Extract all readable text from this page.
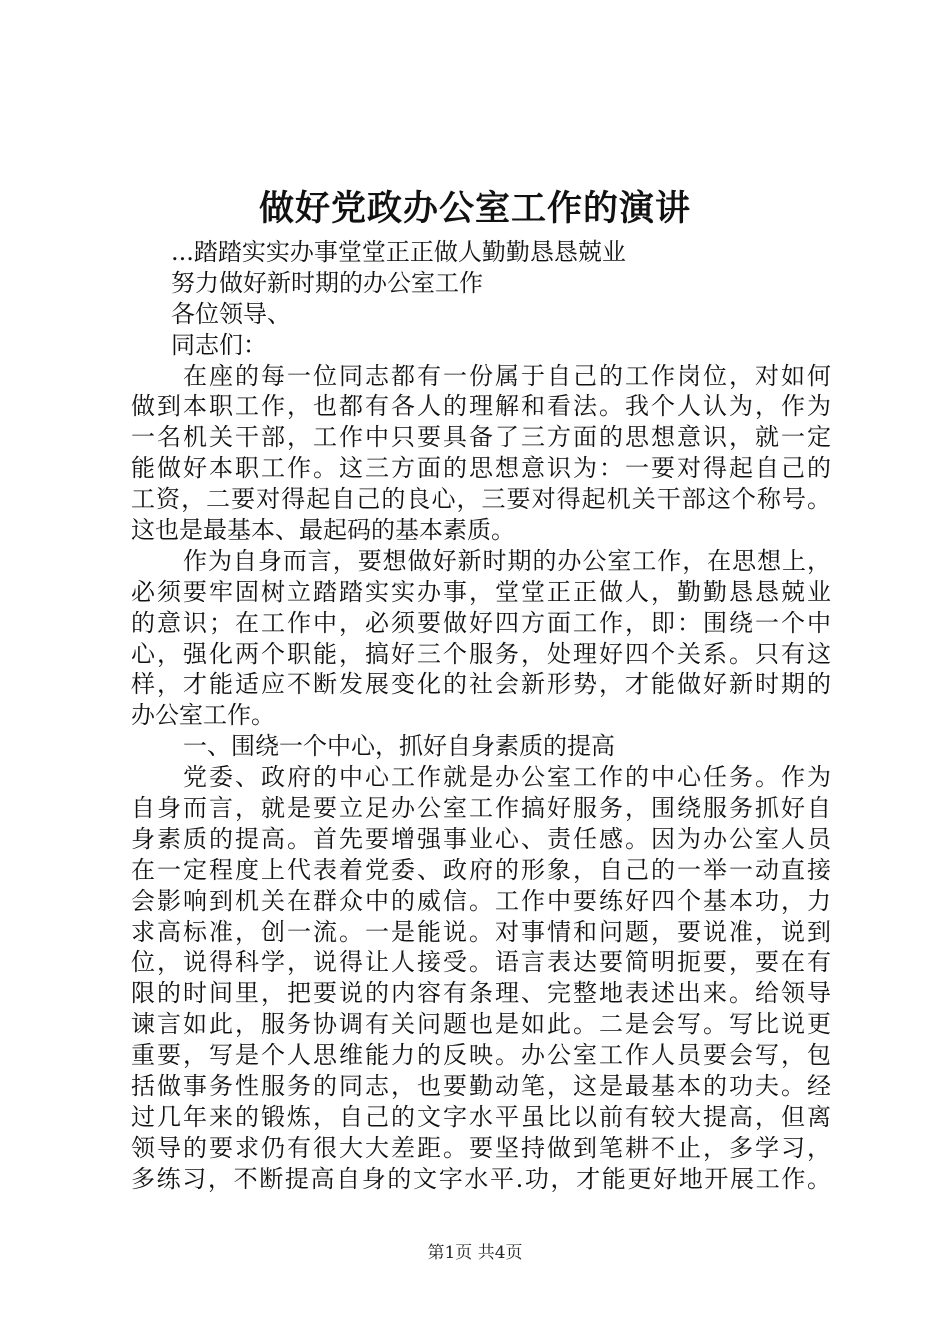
做好党政办公室工作的演讲
...踏踏实实办事堂堂正正做人勤勤恳恳兢业
努力做好新时期的办公室工作
各位领导、
同志们：
在座的每一位同志都有一份属于自己的工作岗位，对如何
做到本职工作，也都有各人的理解和看法。我个人认为，作为
一名机关干部，工作中只要具备了三方面的思想意识，就一定
能做好本职工作。这三方面的思想意识为：一要对得起自己的
工资，二要对得起自己的良心，三要对得起机关干部这个称号。
这也是最基本、最起码的基本素质。
作为自身而言，要想做好新时期的办公室工作，在思想上，
必须要牢固树立踏踏实实办事，堂堂正正做人，勤勤恳恳兢业
的意识；在工作中，必须要做好四方面工作，即：围绕一个中
心，强化两个职能，搞好三个服务，处理好四个关系。只有这
样，才能适应不断发展变化的社会新形势，才能做好新时期的
办公室工作。
一、围绕一个中心，抓好自身素质的提高
党委、政府的中心工作就是办公室工作的中心任务。作为
自身而言，就是要立足办公室工作搞好服务，围绕服务抓好自
身素质的提高。首先要增强事业心、责任感。因为办公室人员
在一定程度上代表着党委、政府的形象，自己的一举一动直接
会影响到机关在群众中的威信。工作中要练好四个基本功，力
求高标准，创一流。一是能说。对事情和问题，要说准，说到
位，说得科学，说得让人接受。语言表达要简明扼要，要在有
限的时间里，把要说的内容有条理、完整地表述出来。给领导
谏言如此，服务协调有关问题也是如此。二是会写。写比说更
重要，写是个人思维能力的反映。办公室工作人员要会写，包
括做事务性服务的同志，也要勤动笔，这是最基本的功夫。经
过几年来的锻炼，自己的文字水平虽比以前有较大提高，但离
领导的要求仍有很大大差距。要坚持做到笔耕不止，多学习，
多练习，不断提高自身的文字水平.功，才能更好地开展工作。
第1页 共4页
